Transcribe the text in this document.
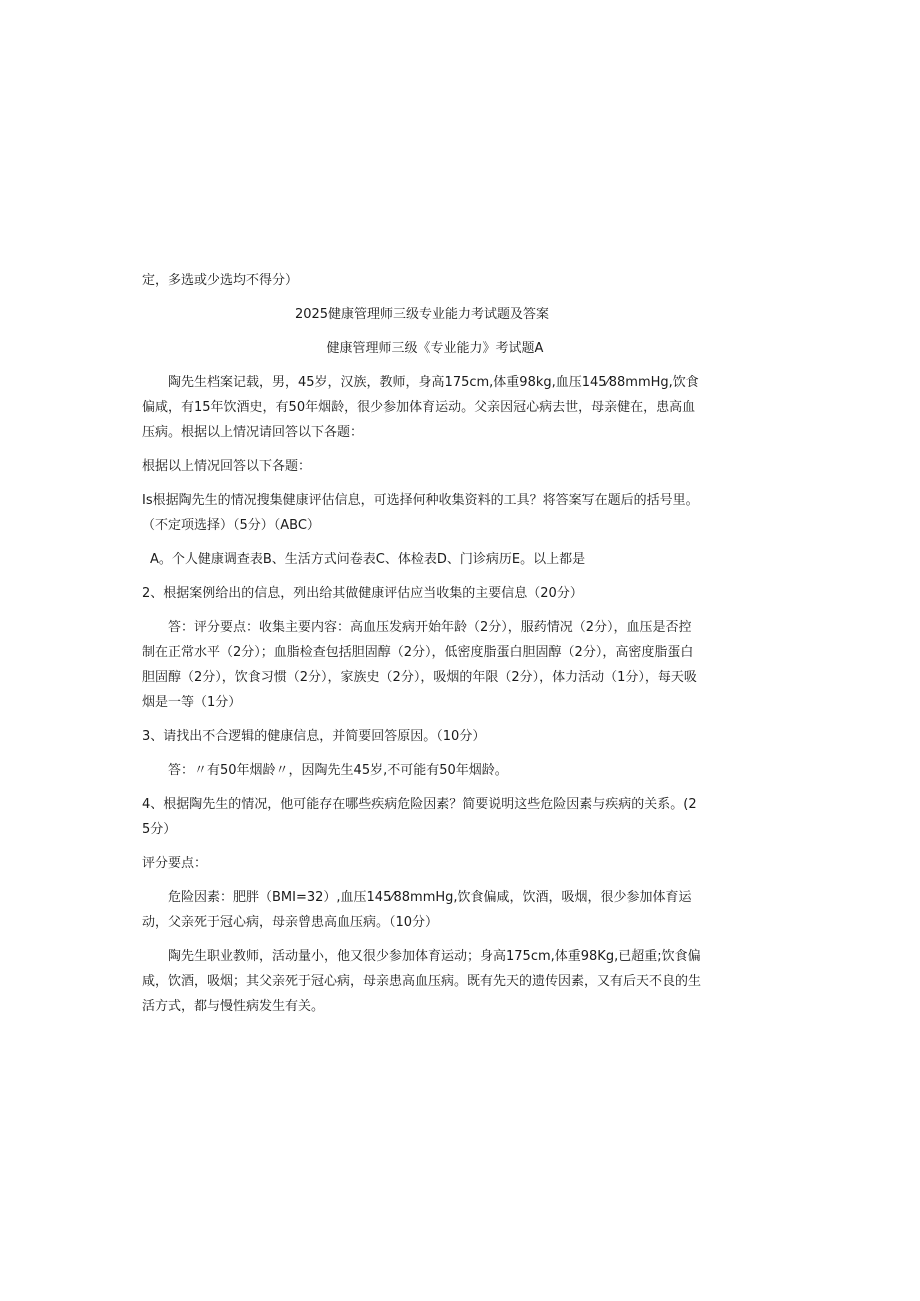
定，多选或少选均不得分）

2025健康管理师三级专业能力考试题及答案

健康管理师三级《专业能力》考试题A

陶先生档案记载，男，45岁，汉族，教师，身高175cm,体重98kg,血压145⁄88mmHg,饮食偏咸，有15年饮酒史，有50年烟龄，很少参加体育运动。父亲因冠心病去世，母亲健在，患高血压病。根据以上情况请回答以下各题：

根据以上情况回答以下各题：

Is根据陶先生的情况搜集健康评估信息，可选择何种收集资料的工具？将答案写在题后的括号里。（不定项选择）（5分）（ABC）

A。个人健康调查表B、生活方式问卷表C、体检表D、门诊病历E。以上都是

2、根据案例给出的信息，列出给其做健康评估应当收集的主要信息（20分）

答：评分要点：收集主要内容：高血压发病开始年龄（2分），服药情况（2分），血压是否控制在正常水平（2分）；血脂检查包括胆固醇（2分），低密度脂蛋白胆固醇（2分），高密度脂蛋白胆固醇（2分），饮食习惯（2分），家族史（2分），吸烟的年限（2分），体力活动（1分），每天吸烟是一等（1分）

3、请找出不合逻辑的健康信息，并简要回答原因。（10分）

答：〃有50年烟龄〃，因陶先生45岁,不可能有50年烟龄。

4、根据陶先生的情况，他可能存在哪些疾病危险因素？简要说明这些危险因素与疾病的关系。(25分）

评分要点：

危险因素：肥胖（BMI=32）,血压145⁄88mmHg,饮食偏咸，饮酒，吸烟，很少参加体育运动，父亲死于冠心病，母亲曾患高血压病。（10分）

陶先生职业教师，活动量小，他又很少参加体育运动；身高175cm,体重98Kg,已超重;饮食偏咸，饮酒，吸烟；其父亲死于冠心病，母亲患高血压病。既有先天的遗传因素，又有后天不良的生活方式，都与慢性病发生有关。
